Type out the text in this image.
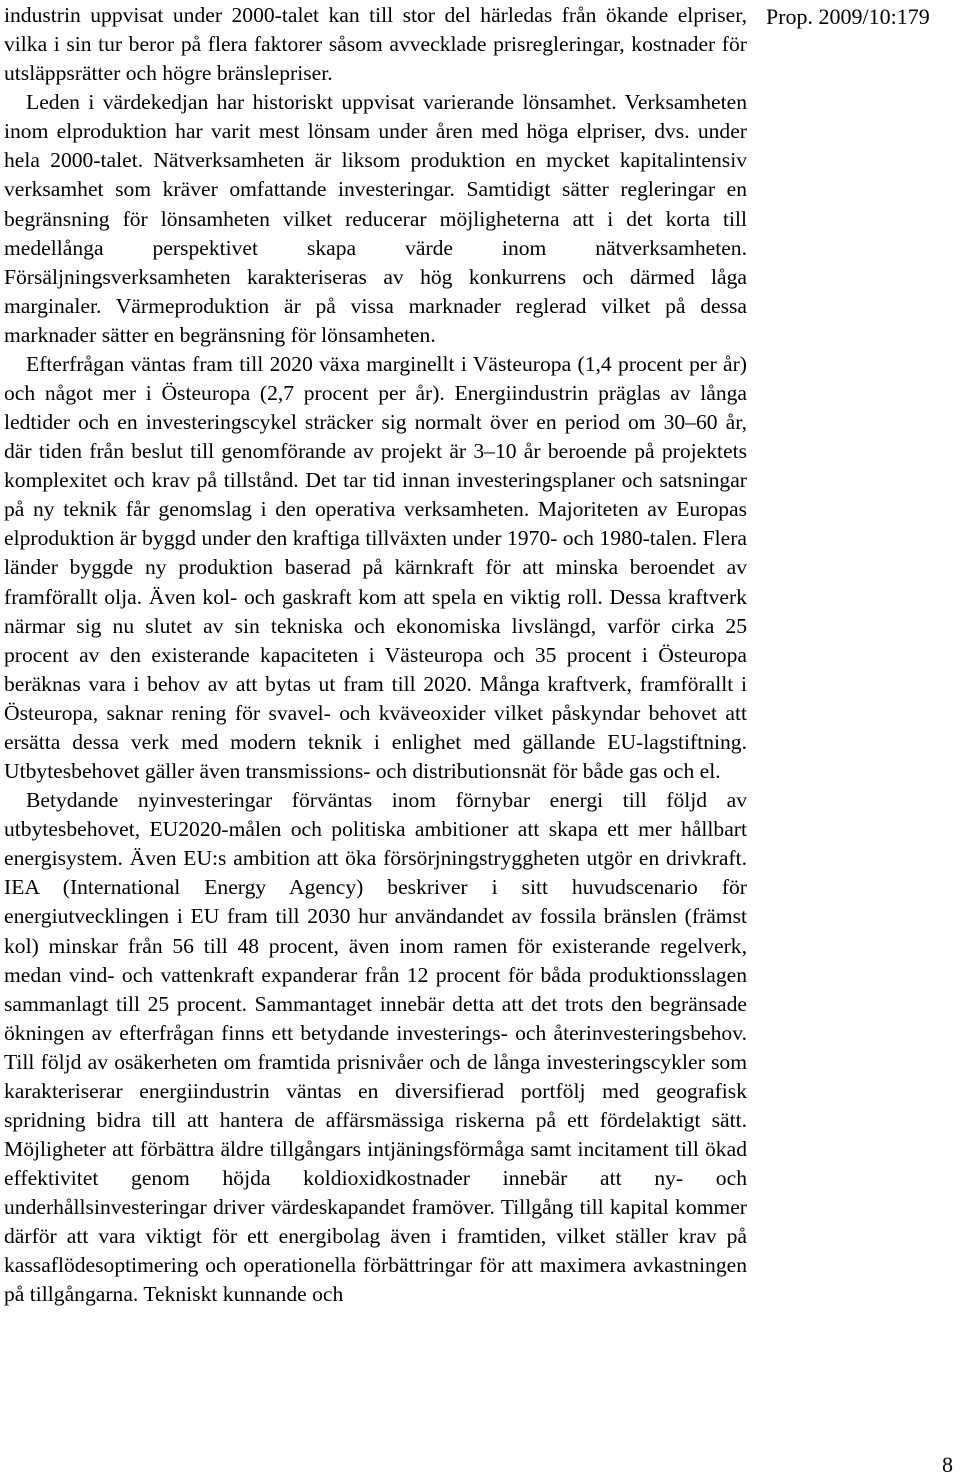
Prop. 2009/10:179

industrin uppvisat under 2000-talet kan till stor del härledas från ökande elpriser, vilka i sin tur beror på flera faktorer såsom avvecklade prisregleringar, kostnader för utsläppsrätter och högre bränslepriser.

Leden i värdekedjan har historiskt uppvisat varierande lönsamhet. Verksamheten inom elproduktion har varit mest lönsam under åren med höga elpriser, dvs. under hela 2000-talet. Nätverksamheten är liksom produktion en mycket kapitalintensiv verksamhet som kräver omfattande investeringar. Samtidigt sätter regleringar en begränsning för lönsamheten vilket reducerar möjligheterna att i det korta till medellånga perspektivet skapa värde inom nätverksamheten. Försäljningsverksamheten karakteriseras av hög konkurrens och därmed låga marginaler. Värmeproduktion är på vissa marknader reglerad vilket på dessa marknader sätter en begränsning för lönsamheten.

Efterfrågan väntas fram till 2020 växa marginellt i Västeuropa (1,4 procent per år) och något mer i Östeuropa (2,7 procent per år). Energiindustrin präglas av långa ledtider och en investeringscykel sträcker sig normalt över en period om 30–60 år, där tiden från beslut till genomförande av projekt är 3–10 år beroende på projektets komplexitet och krav på tillstånd. Det tar tid innan investeringsplaner och satsningar på ny teknik får genomslag i den operativa verksamheten. Majoriteten av Europas elproduktion är byggd under den kraftiga tillväxten under 1970- och 1980-talen. Flera länder byggde ny produktion baserad på kärnkraft för att minska beroendet av framförallt olja. Även kol- och gaskraft kom att spela en viktig roll. Dessa kraftverk närmar sig nu slutet av sin tekniska och ekonomiska livslängd, varför cirka 25 procent av den existerande kapaciteten i Västeuropa och 35 procent i Östeuropa beräknas vara i behov av att bytas ut fram till 2020. Många kraftverk, framförallt i Östeuropa, saknar rening för svavel- och kväveoxider vilket påskyndar behovet att ersätta dessa verk med modern teknik i enlighet med gällande EU-lagstiftning. Utbytesbehovet gäller även transmissions- och distributionsnät för både gas och el.

Betydande nyinvesteringar förväntas inom förnybar energi till följd av utbytesbehovet, EU2020-målen och politiska ambitioner att skapa ett mer hållbart energisystem. Även EU:s ambition att öka försörjningstryggheten utgör en drivkraft. IEA (International Energy Agency) beskriver i sitt huvudscenario för energiutvecklingen i EU fram till 2030 hur användandet av fossila bränslen (främst kol) minskar från 56 till 48 procent, även inom ramen för existerande regelverk, medan vind- och vattenkraft expanderar från 12 procent för båda produktionsslagen sammanlagt till 25 procent. Sammantaget innebär detta att det trots den begränsade ökningen av efterfrågan finns ett betydande investerings- och återinvesteringsbehov. Till följd av osäkerheten om framtida prisnivåer och de långa investeringscykler som karakteriserar energiindustrin väntas en diversifierad portfölj med geografisk spridning bidra till att hantera de affärsmässiga riskerna på ett fördelaktigt sätt. Möjligheter att förbättra äldre tillgångars intjäningsförmåga samt incitament till ökad effektivitet genom höjda koldioxidkostnader innebär att ny- och underhållsinvesteringar driver värdeskapandet framöver. Tillgång till kapital kommer därför att vara viktigt för ett energibolag även i framtiden, vilket ställer krav på kassaflödesoptimering och operationella förbättringar för att maximera avkastningen på tillgångarna. Tekniskt kunnande och

8
